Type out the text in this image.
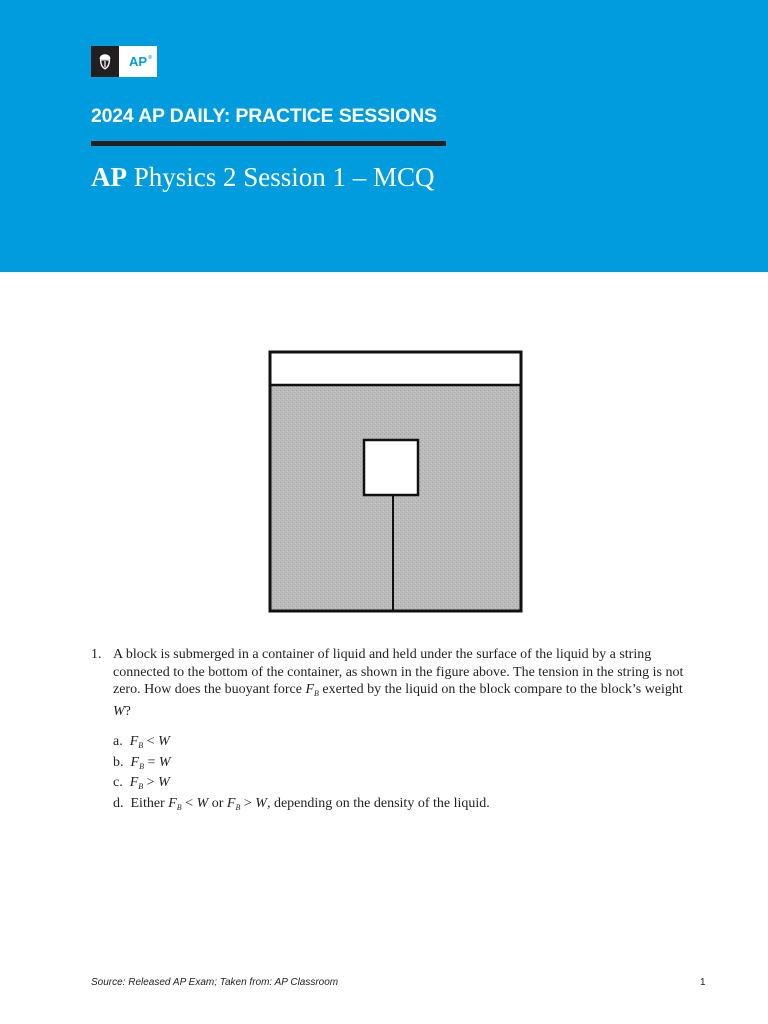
AP ®
2024 AP DAILY: PRACTICE SESSIONS
AP Physics 2 Session 1 – MCQ
1. A block is submerged in a container of liquid and held under the surface of the liquid by a string connected to the bottom of the container, as shown in the figure above. The tension in the string is not zero. How does the buoyant force $F_B$ exerted by the liquid on the block compare to the block’s weight W?
a. $F_B < W$
b. $F_B = W$
c. $F_B > W$
d. Either $F_B < W$ or $F_B > W$, depending on the density of the liquid.
Source: Released AP Exam; Taken from: AP Classroom	1
